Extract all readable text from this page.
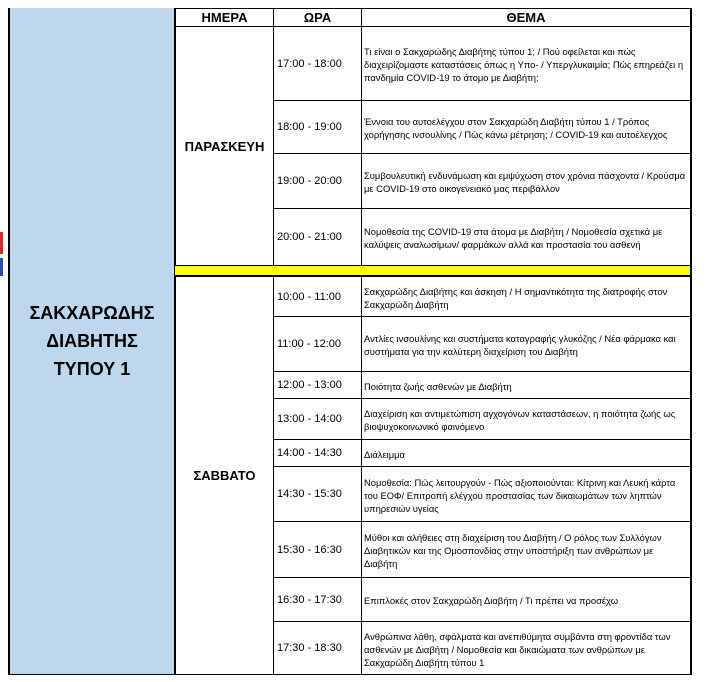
ΣΑΚΧΑΡΩΔΗΣ
ΔΙΑΒΗΤΗΣ
ΤΥΠΟΥ 1
ΗΜΕΡΑ	ΩΡΑ	ΘΕΜΑ
ΠΑΡΑΣΚΕΥΗ
17:00 - 18:00
Τι είναι ο Σακχαρώδης Διαβήτης τύπου 1; / Πού οφείλεται και πώς διαχειρίζομαστε καταστάσεις όπως η Υπο- / Υπεργλυκαιμία; Πώς επηρεάζει η πανδημία COVID-19 το άτομο με Διαβήτη;
18:00 - 19:00	Έννοια του αυτοελέγχου στον Σακχαρώδη Διαβήτη τύπου 1 / Τρόπος χορήγησης ινσουλίνης / Πώς κάνω μέτρηση; / COVID-19 και αυτοέλεγχος
19:00 - 20:00	Συμβουλευτική ενδυνάμωση και εμψύχωση στον χρόνια πάσχοντα / Κρούσμα με COVID-19 στο οικογενειακό μας περιβάλλον
20:00 - 21:00	Νομοθεσία της COVID-19 στα άτομα με Διαβήτη / Νομοθεσία σχετικά με καλύψεις αναλωσίμων/ φαρμάκων αλλά και προστασία του ασθενή
ΣΑΒΒΑΤΟ
10:00 - 11:00	Σακχαρώδης Διαβήτης και άσκηση / Η σημαντικότητα της διατροφής στον Σακχαρώδη Διαβήτη
11:00 - 12:00	Αντλίες ινσουλίνης και συστήματα καταγραφής γλυκόζης / Νέα φάρμακα και συστήματα για την καλύτερη διαχείριση του Διαβήτη
12:00 - 13:00	Ποιότητα ζωής ασθενών με Διαβήτη
13:00 - 14:00	Διαχείριση και αντιμετώπιση αγχογόνων καταστάσεων, η ποιότητα ζωής ως βιοψυχοκοινωνικό φαινόμενο
14:00 - 14:30	Διάλειμμα
14:30 - 15:30
Νομοθεσία: Πώς λειτουργούν - Πώς αξιοποιούνται: Κίτρινη και Λευκή κάρτα του ΕΟΦ/ Επιτροπή ελέγχου προστασίας των δικαιωμάτων των ληπτών υπηρεσιών υγείας
15:30 - 16:30
Μύθοι και αλήθειες στη διαχείριση του Διαβήτη / Ο ρόλος των Συλλόγων Διαβητικών και της Ομοσπονδίας στην υποστήριξη των ανθρώπων με Διαβήτη
16:30 - 17:30	Επιπλοκές στον Σακχαρώδη Διαβήτη / Τι πρέπει να προσέχω
17:30 - 18:30
Ανθρώπινα λάθη, σφάλματα και ανεπιθύμητα συμβάντα στη φροντίδα των ασθενών με Διαβήτη / Νομοθεσία και δικαιώματα των ανθρώπων με Σακχαρώδη Διαβήτη τύπου 1
